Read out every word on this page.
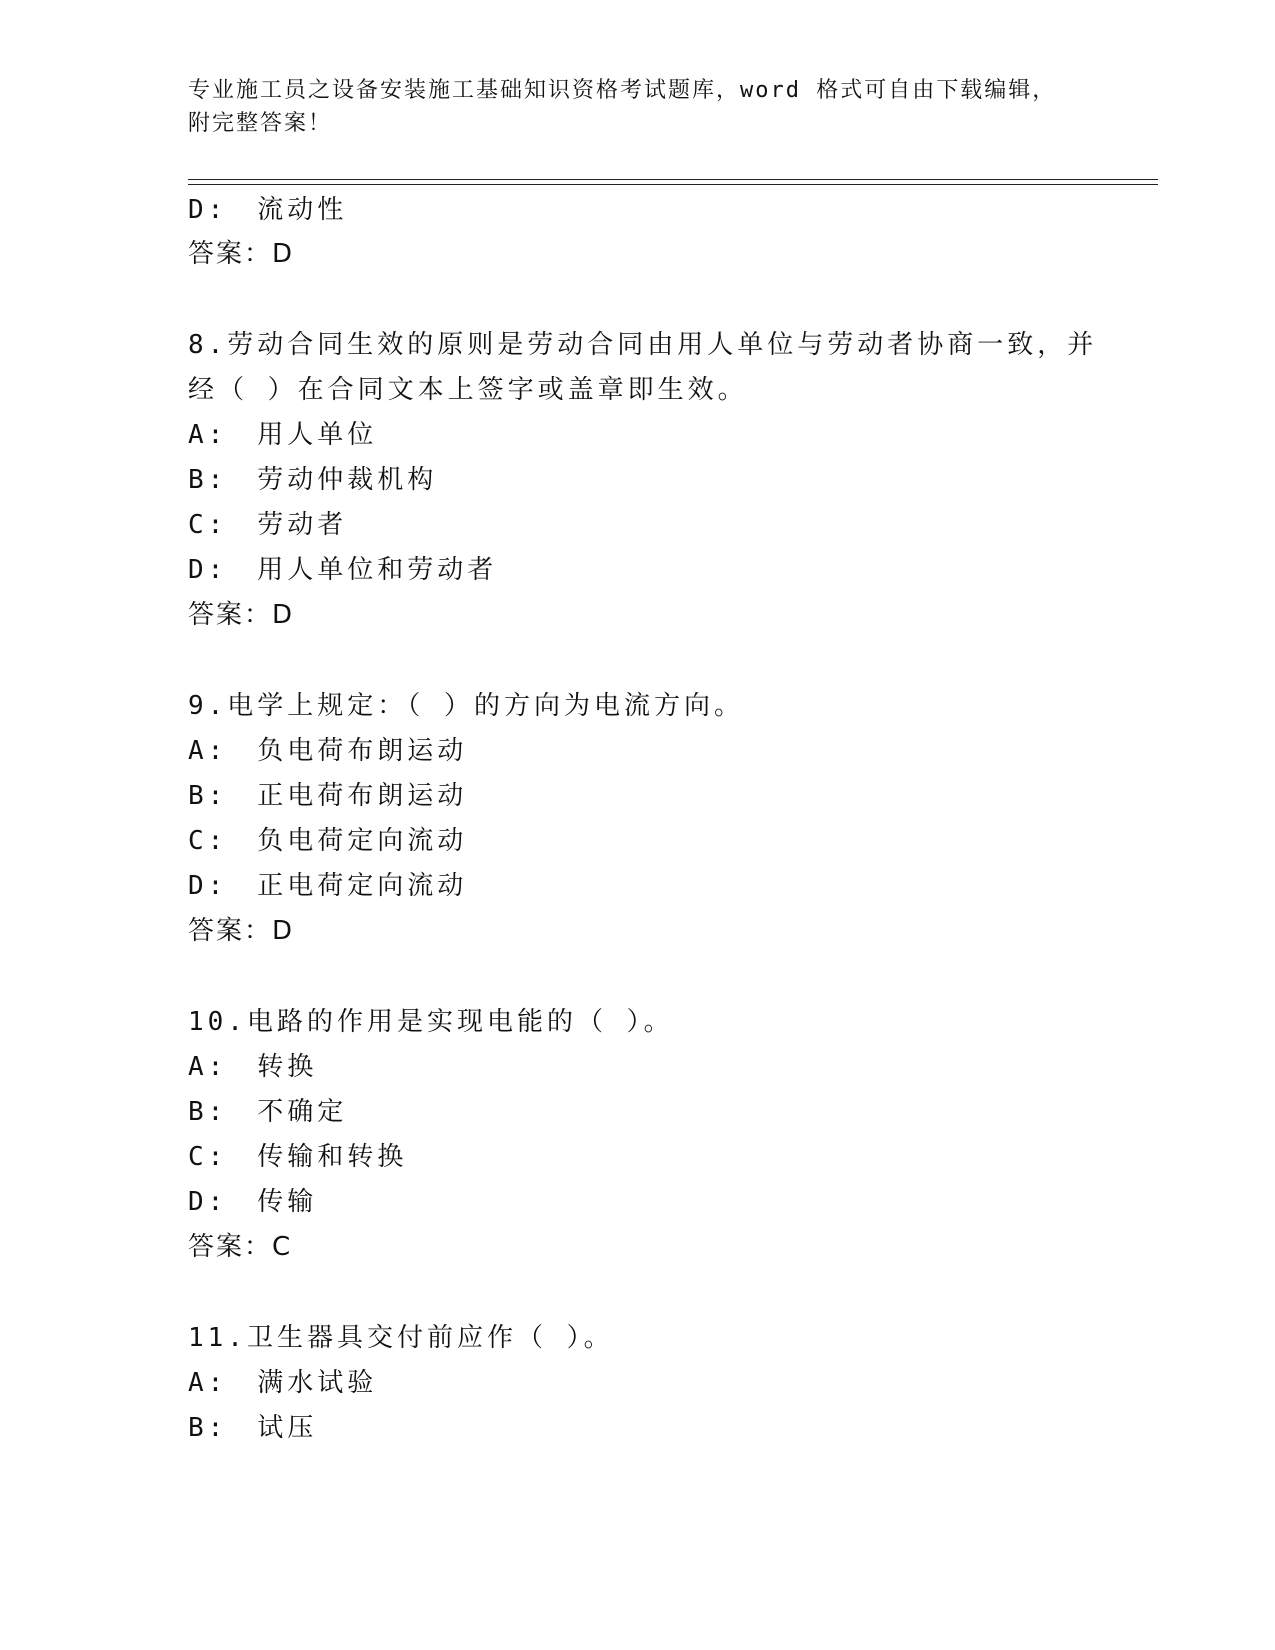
专业施工员之设备安装施工基础知识资格考试题库，word 格式可自由下载编辑，
附完整答案！
D:　流动性
答案：D
8.劳动合同生效的原则是劳动合同由用人单位与劳动者协商一致，并
经（ ）在合同文本上签字或盖章即生效。
A:　用人单位
B:　劳动仲裁机构
C:　劳动者
D:　用人单位和劳动者
答案：D
9.电学上规定：（ ）的方向为电流方向。
A:　负电荷布朗运动
B:　正电荷布朗运动
C:　负电荷定向流动
D:　正电荷定向流动
答案：D
10.电路的作用是实现电能的（ ）。
A:　转换
B:　不确定
C:　传输和转换
D:　传输
答案：C
11.卫生器具交付前应作（ ）。
A:　满水试验
B:　试压
